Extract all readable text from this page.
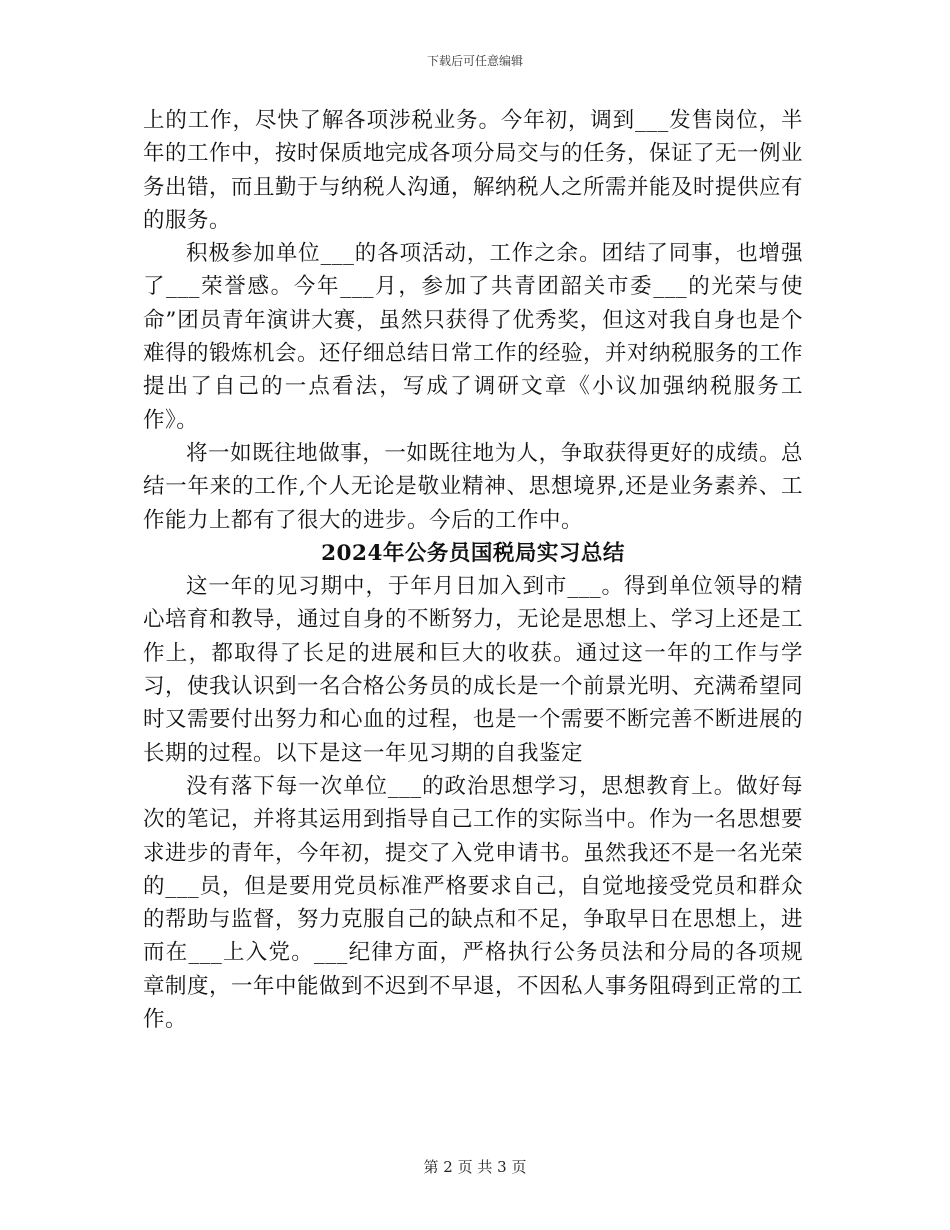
下载后可任意编辑

上的工作，尽快了解各项涉税业务。今年初，调到___发售岗位，半年的工作中，按时保质地完成各项分局交与的任务，保证了无一例业务出错，而且勤于与纳税人沟通，解纳税人之所需并能及时提供应有的服务。

积极参加单位___的各项活动，工作之余。团结了同事，也增强了___荣誉感。今年___月，参加了共青团韶关市委___的光荣与使命”团员青年演讲大赛，虽然只获得了优秀奖，但这对我自身也是个难得的锻炼机会。还仔细总结日常工作的经验，并对纳税服务的工作提出了自己的一点看法，写成了调研文章《小议加强纳税服务工作》。

将一如既往地做事，一如既往地为人，争取获得更好的成绩。总结一年来的工作,个人无论是敬业精神、思想境界,还是业务素养、工作能力上都有了很大的进步。今后的工作中。

2024年公务员国税局实习总结

这一年的见习期中，于年月日加入到市___。得到单位领导的精心培育和教导，通过自身的不断努力，无论是思想上、学习上还是工作上，都取得了长足的进展和巨大的收获。通过这一年的工作与学习，使我认识到一名合格公务员的成长是一个前景光明、充满希望同时又需要付出努力和心血的过程，也是一个需要不断完善不断进展的长期的过程。以下是这一年见习期的自我鉴定

没有落下每一次单位___的政治思想学习，思想教育上。做好每次的笔记，并将其运用到指导自己工作的实际当中。作为一名思想要求进步的青年，今年初，提交了入党申请书。虽然我还不是一名光荣的___员，但是要用党员标准严格要求自己，自觉地接受党员和群众的帮助与监督，努力克服自己的缺点和不足，争取早日在思想上，进而在___上入党。___纪律方面，严格执行公务员法和分局的各项规章制度，一年中能做到不迟到不早退，不因私人事务阻碍到正常的工作。

第 2 页 共 3 页
